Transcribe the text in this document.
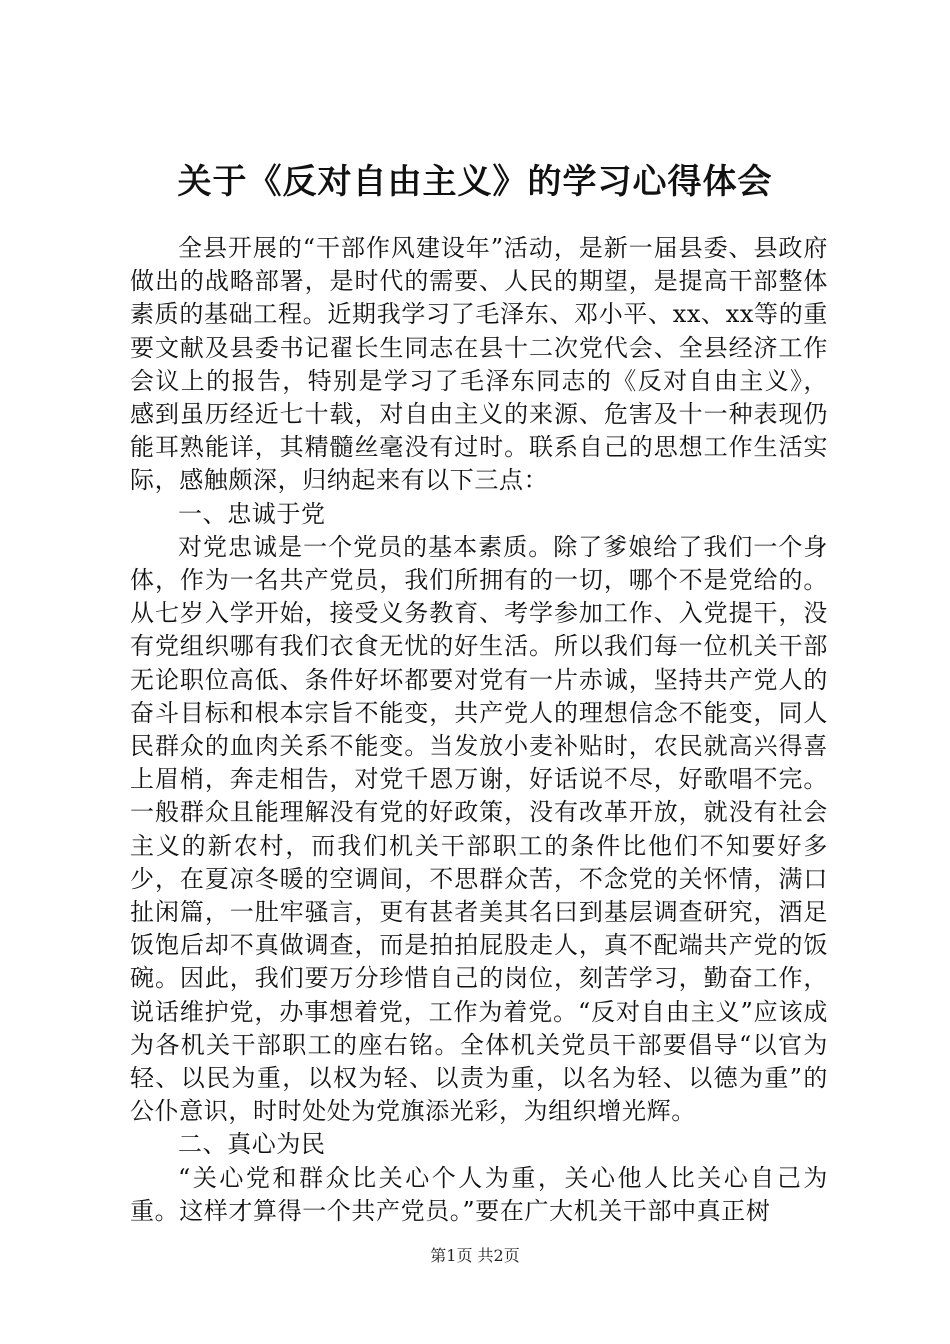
关于《反对自由主义》的学习心得体会

全县开展的“干部作风建设年”活动，是新一届县委、县政府做出的战略部署，是时代的需要、人民的期望，是提高干部整体素质的基础工程。近期我学习了毛泽东、邓小平、xx、xx等的重要文献及县委书记翟长生同志在县十二次党代会、全县经济工作会议上的报告，特别是学习了毛泽东同志的《反对自由主义》，感到虽历经近七十载，对自由主义的来源、危害及十一种表现仍能耳熟能详，其精髓丝毫没有过时。联系自己的思想工作生活实际，感触颇深，归纳起来有以下三点：

一、忠诚于党

对党忠诚是一个党员的基本素质。除了爹娘给了我们一个身体，作为一名共产党员，我们所拥有的一切，哪个不是党给的。从七岁入学开始，接受义务教育、考学参加工作、入党提干，没有党组织哪有我们衣食无忧的好生活。所以我们每一位机关干部无论职位高低、条件好坏都要对党有一片赤诚，坚持共产党人的奋斗目标和根本宗旨不能变，共产党人的理想信念不能变，同人民群众的血肉关系不能变。当发放小麦补贴时，农民就高兴得喜上眉梢，奔走相告，对党千恩万谢，好话说不尽，好歌唱不完。一般群众且能理解没有党的好政策，没有改革开放，就没有社会主义的新农村，而我们机关干部职工的条件比他们不知要好多少，在夏凉冬暖的空调间，不思群众苦，不念党的关怀情，满口扯闲篇，一肚牢骚言，更有甚者美其名曰到基层调查研究，酒足饭饱后却不真做调查，而是拍拍屁股走人，真不配端共产党的饭碗。因此，我们要万分珍惜自己的岗位，刻苦学习，勤奋工作，说话维护党，办事想着党，工作为着党。“反对自由主义”应该成为各机关干部职工的座右铭。全体机关党员干部要倡导“以官为轻、以民为重，以权为轻、以责为重，以名为轻、以德为重”的公仆意识，时时处处为党旗添光彩，为组织增光辉。

二、真心为民

“关心党和群众比关心个人为重，关心他人比关心自己为重。这样才算得一个共产党员。”要在广大机关干部中真正树

第1页 共2页
